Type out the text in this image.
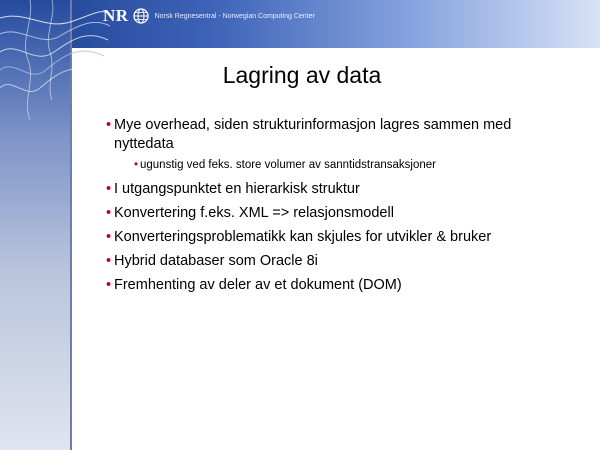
NR	Norsk Regnesentral - Norwegian Computing Center
Lagring av data
• Mye overhead, siden strukturinformasjon lagres sammen med nyttedata
• ugunstig ved feks. store volumer av sanntidstransaksjoner
• I utgangspunktet en hierarkisk struktur
• Konvertering f.eks. XML => relasjonsmodell
• Konverteringsproblematikk kan skjules for utvikler & bruker
• Hybrid databaser som Oracle 8i
• Fremhenting av deler av et dokument (DOM)
